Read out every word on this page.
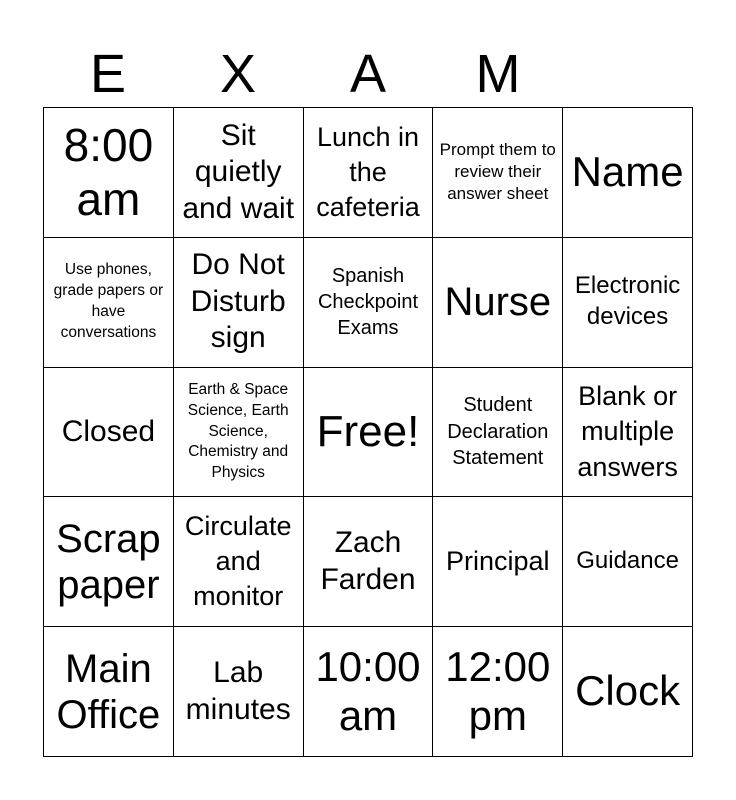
E	X	A	M
8:00 am
Sit quietly and wait
Lunch in the cafeteria
Prompt them to review their answer sheet Name
Use phones, grade papers or have conversations
Do Not Disturb sign
Spanish Checkpoint Exams
Nurse Electronic devices
Closed
Earth & Space Science, Earth Science, Chemistry and Physics
Free!
Student Declaration Statement
Blank or multiple answers
Scrap paper
Circulate and monitor
Zach Farden
Principal Guidance
Main Office
Lab minutes
10:00 am
12:00 pm
Clock
